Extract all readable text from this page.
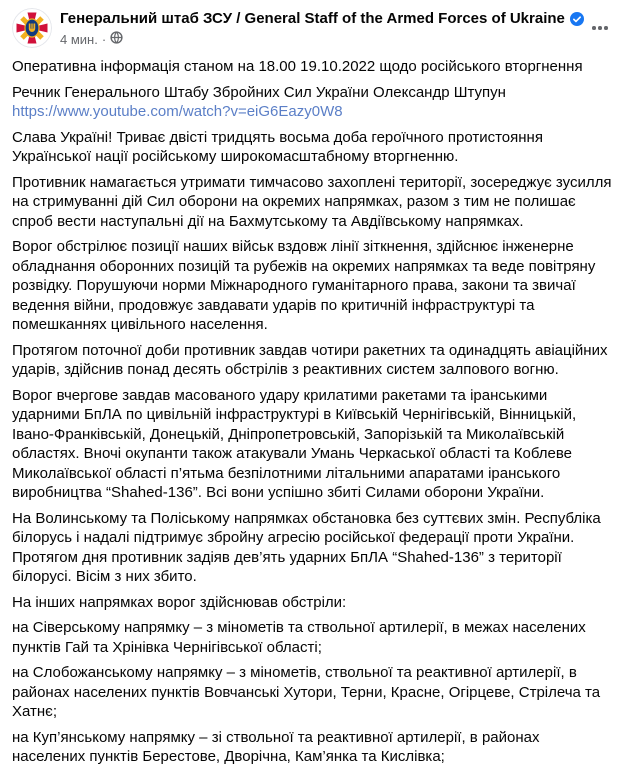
Генеральний штаб ЗСУ / General Staff of the Armed Forces of Ukraine
4 мин. ·

Оперативна інформація станом на 18.00 19.10.2022 щодо російського вторгнення

Речник Генерального Штабу Збройних Сил України Олександр Штупун
https://www.youtube.com/watch?v=eiG6Eazy0W8

Слава Україні! Триває двісті тридцять восьма доба героїчного протистояння Української нації російському широкомасштабному вторгненню.

Противник намагається утримати тимчасово захоплені території, зосереджує зусилля на стримуванні дій Сил оборони на окремих напрямках, разом з тим не полишає спроб вести наступальні дії на Бахмутському та Авдіївському напрямках.

Ворог обстрілює позиції наших військ вздовж лінії зіткнення, здійснює інженерне обладнання оборонних позицій та рубежів на окремих напрямках та веде повітряну розвідку. Порушуючи норми Міжнародного гуманітарного права, закони та звичаї ведення війни, продовжує завдавати ударів по критичній інфраструктурі та помешканнях цивільного населення.

Протягом поточної доби противник завдав чотири ракетних та одинадцять авіаційних ударів, здійснив понад десять обстрілів з реактивних систем залпового вогню.

Ворог вчергове завдав масованого удару крилатими ракетами та іранськими ударними БпЛА по цивільній інфраструктурі в Київській Чернігівській, Вінницькій, Івано-Франківській, Донецькій, Дніпропетровській, Запорізькій та Миколаївській областях. Вночі окупанти також атакували Умань Черкаської області та Коблеве Миколаївської області п’ятьма безпілотними літальними апаратами іранського виробництва “Shahed-136”. Всі вони успішно збиті Силами оборони України.

На Волинському та Поліському напрямках обстановка без суттєвих змін. Республіка білорусь і надалі підтримує збройну агресію російської федерації проти України. Протягом дня противник задіяв дев’ять ударних БпЛА “Shahed-136” з території білорусі. Вісім з них збито.

На інших напрямках ворог здійснював обстріли:

на Сіверському напрямку – з мінометів та ствольної артилерії, в межах населених пунктів Гай та Хрінівка Чернігівської області;

на Слобожанському напрямку – з мінометів, ствольної та реактивної артилерії, в районах населених пунктів Вовчанські Хутори, Терни, Красне, Огірцеве, Стрілеча та Хатнє;

на Куп’янському напрямку – зі ствольної та реактивної артилерії, в районах населених пунктів Берестове, Дворічна, Кам’янка та Кислівка;
